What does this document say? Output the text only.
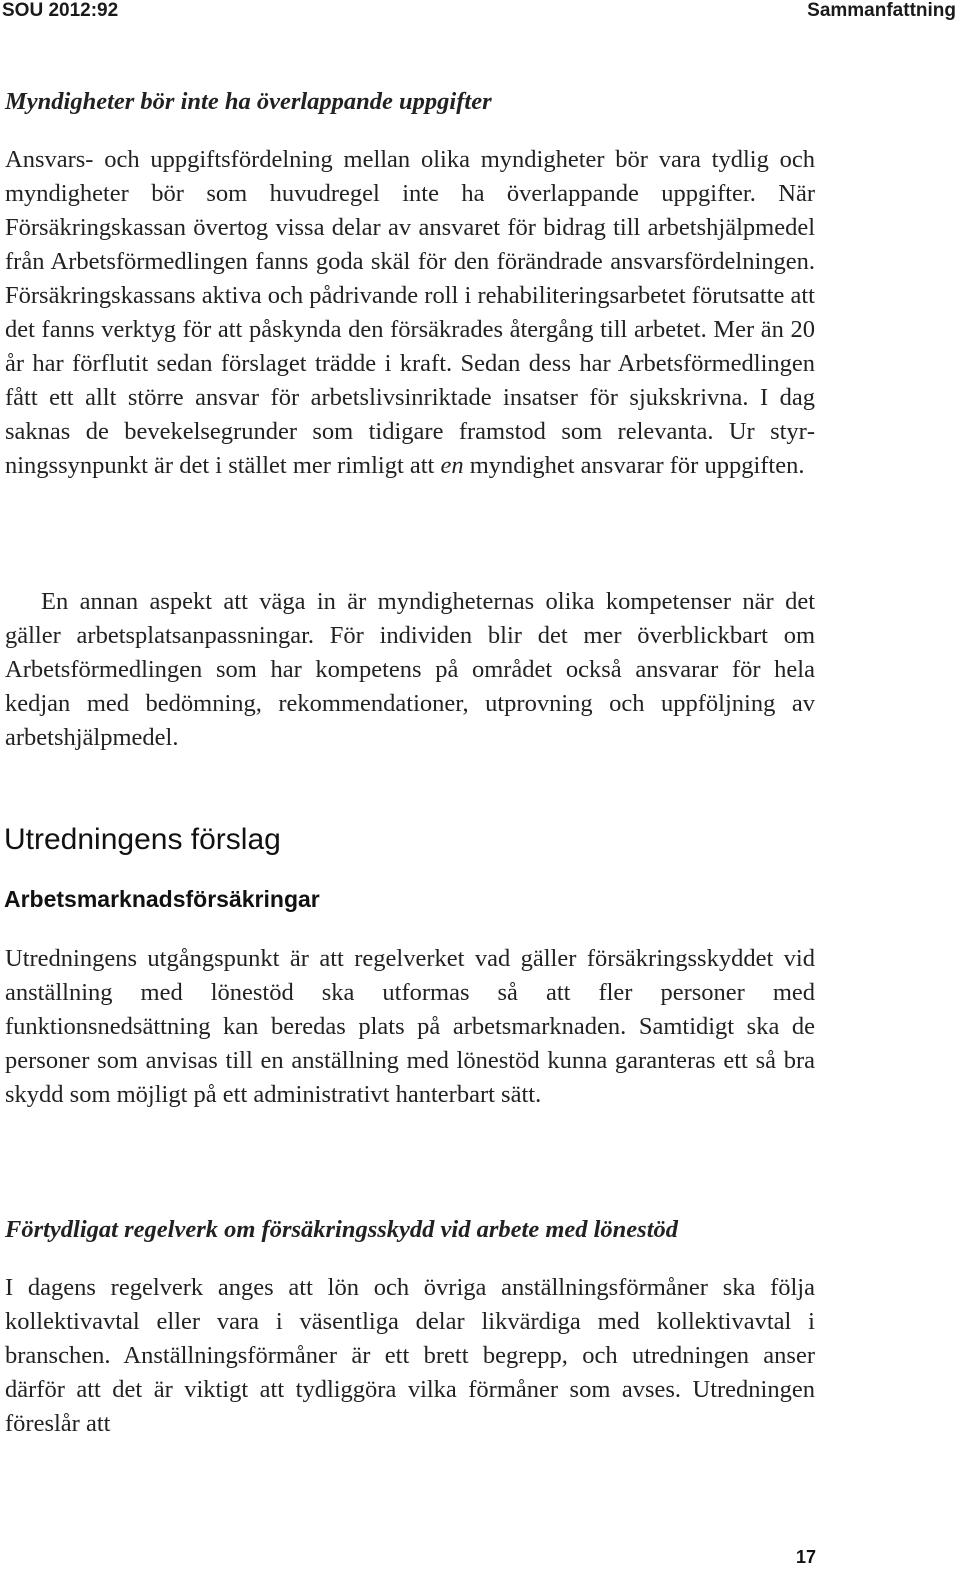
SOU 2012:92	Sammanfattning
Myndigheter bör inte ha överlappande uppgifter

Ansvars- och uppgiftsfördelning mellan olika myndigheter bör vara tydlig och myndigheter bör som huvudregel inte ha överlappande uppgifter. När Försäkringskassan övertog vissa delar av ansvaret för bidrag till arbetshjälpmedel från Arbetsförmedlingen fanns goda skäl för den förändrade ansvarsfördelningen. Försäkringskassans aktiva och pådrivande roll i rehabiliteringsarbetet förutsatte att det fanns verktyg för att påskynda den försäkrades återgång till arbetet. Mer än 20 år har förflutit sedan förslaget trädde i kraft. Sedan dess har Arbetsförmedlingen fått ett allt större ansvar för arbetslivsinriktade insatser för sjukskrivna. I dag saknas de bevekelsegrunder som tidigare framstod som relevanta. Ur styrningssynpunkt är det i stället mer rimligt att en myndighet ansvarar för uppgiften.

En annan aspekt att väga in är myndigheternas olika kompetenser när det gäller arbetsplatsanpassningar. För individen blir det mer överblickbart om Arbetsförmedlingen som har kompetens på området också ansvarar för hela kedjan med bedömning, rekommendationer, utprovning och uppföljning av arbetshjälpmedel.

Utredningens förslag
Arbetsmarknadsförsäkringar

Utredningens utgångspunkt är att regelverket vad gäller försäkringsskyddet vid anställning med lönestöd ska utformas så att fler personer med funktionsnedsättning kan beredas plats på arbetsmarknaden. Samtidigt ska de personer som anvisas till en anställning med lönestöd kunna garanteras ett så bra skydd som möjligt på ett administrativt hanterbart sätt.

Förtydligat regelverk om försäkringsskydd vid arbete med lönestöd

I dagens regelverk anges att lön och övriga anställningsförmåner ska följa kollektivavtal eller vara i väsentliga delar likvärdiga med kollektivavtal i branschen. Anställningsförmåner är ett brett begrepp, och utredningen anser därför att det är viktigt att tydliggöra vilka förmåner som avses. Utredningen föreslår att

17
